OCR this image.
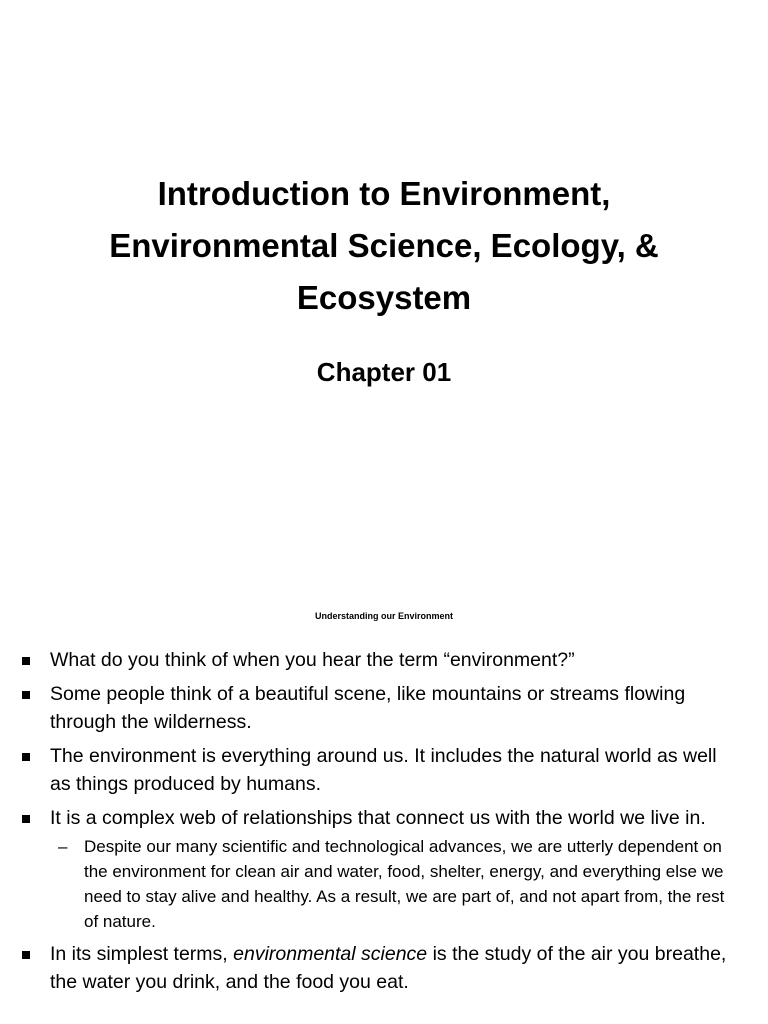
Introduction to Environment,
Environmental Science, Ecology, &
Ecosystem
Chapter 01
Understanding our Environment
What do you think of when you hear the term “environment?”
Some people think of a beautiful scene, like mountains or streams flowing through the wilderness.
The environment is everything around us. It includes the natural world as well as things produced by humans.
It is a complex web of relationships that connect us with the world we live in.
– Despite our many scientific and technological advances, we are utterly dependent on the environment for clean air and water, food, shelter, energy, and everything else we need to stay alive and healthy. As a result, we are part of, and not apart from, the rest of nature.
In its simplest terms, environmental science is the study of the air you breathe, the water you drink, and the food you eat.
